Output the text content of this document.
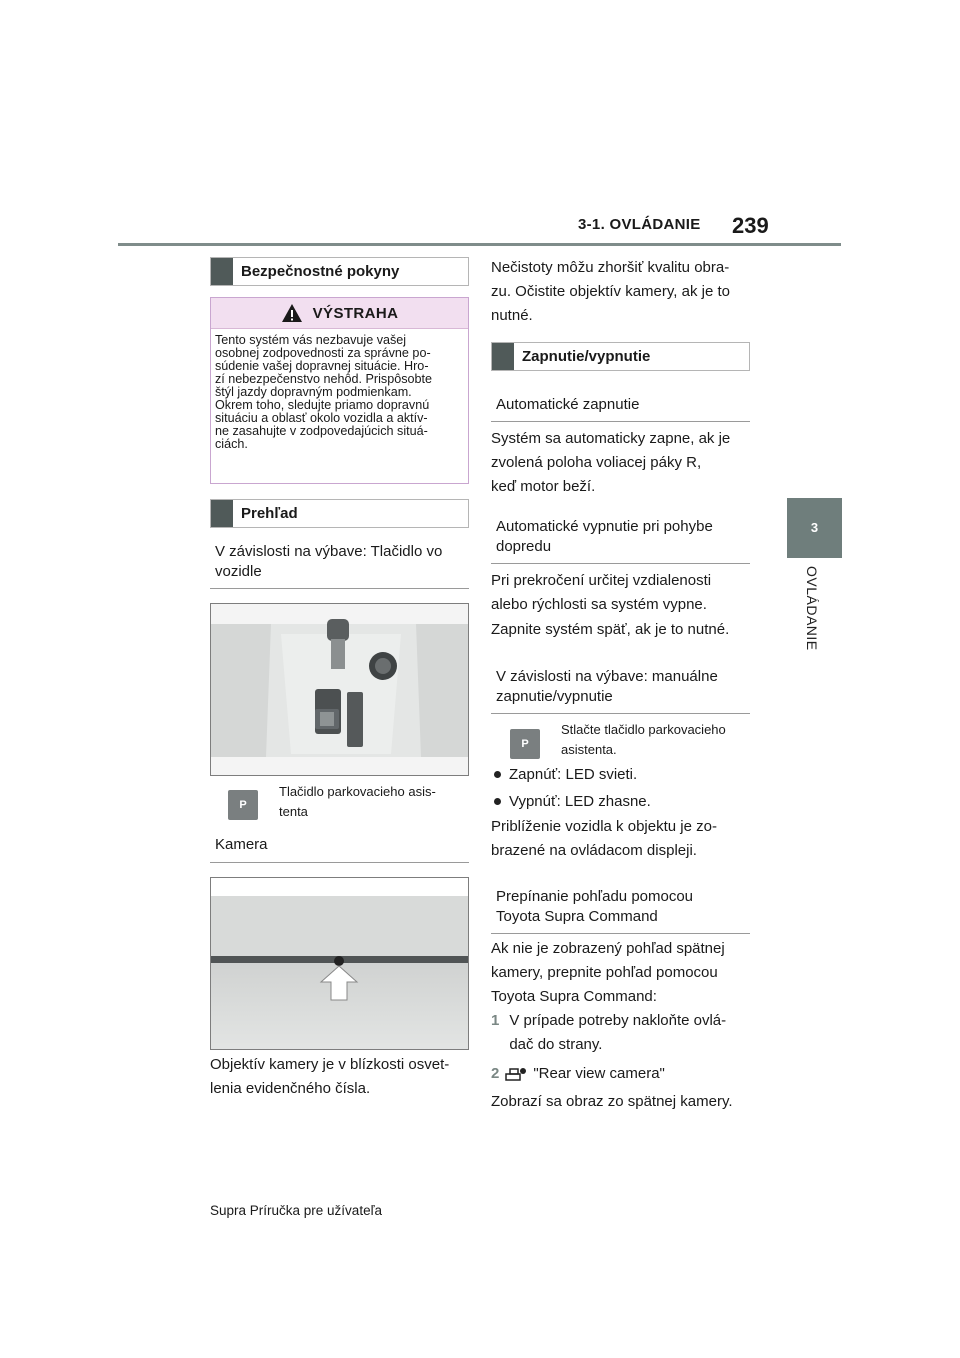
3-1. OVLÁDANIE 239
3
OVLÁDANIE
Bezpečnostné pokyny
VÝSTRAHA
Tento systém vás nezbavuje vašej
osobnej zodpovednosti za správne po-
súdenie vašej dopravnej situácie. Hro-
zí nebezpečenstvo nehôd. Prispôsobte
štýl jazdy dopravným podmienkam.
Okrem toho, sledujte priamo dopravnú
situáciu a oblasť okolo vozidla a aktív-
ne zasahujte v zodpovedajúcich situá-
ciách.
Prehľad
V závislosti na výbave: Tlačidlo vo
vozidle
P
Tlačidlo parkovacieho asis-
tenta
Kamera
Objektív kamery je v blízkosti osvet-
lenia evidenčného čísla.
Nečistoty môžu zhoršiť kvalitu obra-
zu. Očistite objektív kamery, ak je to
nutné.
Zapnutie/vypnutie
Automatické zapnutie
Systém sa automaticky zapne, ak je
zvolená poloha voliacej páky R,
keď motor beží.
Automatické vypnutie pri pohybe
dopredu
Pri prekročení určitej vzdialenosti
alebo rýchlosti sa systém vypne.
Zapnite systém späť, ak je to nutné.
V závislosti na výbave: manuálne
zapnutie/vypnutie
P
Stlačte tlačidlo parkovacieho
asistenta.
Zapnúť: LED svieti.
Vypnúť: LED zhasne.
Priblíženie vozidla k objektu je zo-
brazené na ovládacom displeji.
Prepínanie pohľadu pomocou
Toyota Supra Command
Ak nie je zobrazený pohľad spätnej
kamery, prepnite pohľad pomocou
Toyota Supra Command:
1 V prípade potreby nakloňte ovlá-
dač do strany.
2 "Rear view camera"
Zobrazí sa obraz zo spätnej kamery.
Supra Príručka pre užívateľa
